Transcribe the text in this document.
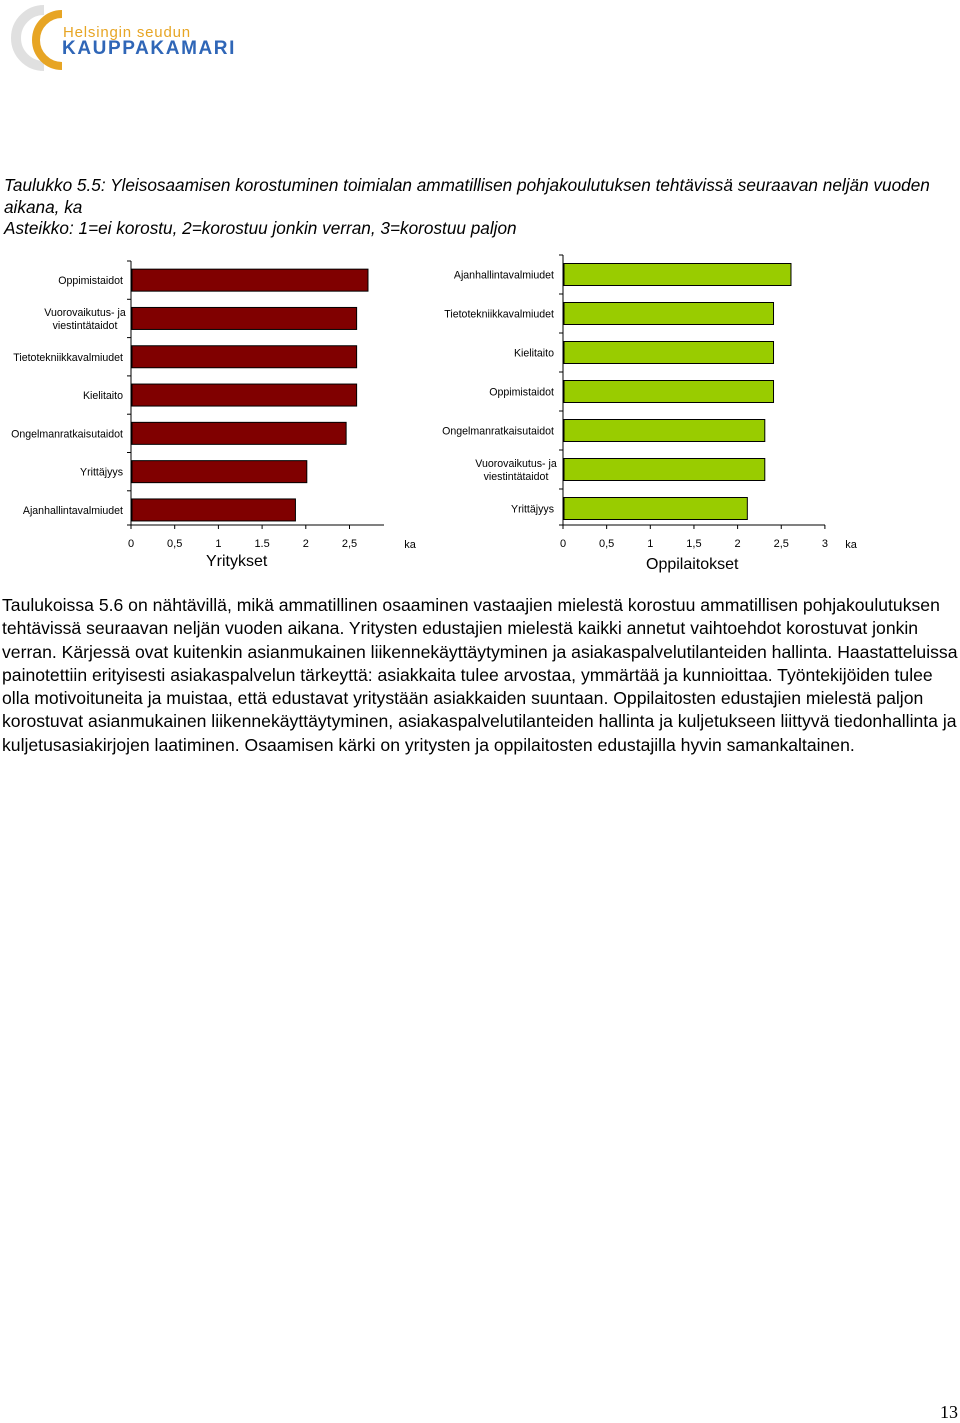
Helsingin seudun
KAUPPAKAMARI
Taulukko 5.5: Yleisosaamisen korostuminen toimialan ammatillisen pohjakoulutuksen tehtävissä seuraavan neljän vuoden aikana, ka
Asteikko: 1=ei korostu, 2=korostuu jonkin verran, 3=korostuu paljon
Oppimistaidot
Vuorovaikutus- ja
viestintätaidot
Tietotekniikkavalmiudet
Kielitaito
Ongelmanratkaisutaidot
Yrittäjyys
Ajanhallintavalmiudet
0	0,5	1	1.5	2	2,5	ka
Yritykset
Ajanhallintavalmiudet
Tietotekniikkavalmiudet
Kielitaito
Oppimistaidot
Ongelmanratkaisutaidot
Vuorovaikutus- ja
viestintätaidot
Yrittäjyys
0	0,5	1	1,5	2	2,5	3 ka
Oppilaitokset
Taulukoissa 5.6 on nähtävillä, mikä ammatillinen osaaminen vastaajien mielestä korostuu ammatillisen pohjakoulutuksen tehtävissä seuraavan neljän vuoden aikana. Yritysten edustajien mielestä kaikki annetut vaihtoehdot korostuvat jonkin verran. Kärjessä ovat kuitenkin asianmukainen liikennekäyttäytyminen ja asiakaspalvelutilanteiden hallinta. Haastatteluissa painotettiin erityisesti asiakaspalvelun tärkeyttä: asiakkaita tulee arvostaa, ymmärtää ja kunnioittaa. Työntekijöiden tulee olla motivoituneita ja muistaa, että edustavat yritystään asiakkaiden suuntaan. Oppilaitosten edustajien mielestä paljon korostuvat asianmukainen liikennekäyttäytyminen, asiakaspalvelutilanteiden hallinta ja kuljetukseen liittyvä tiedonhallinta ja kuljetusasiakirjojen laatiminen. Osaamisen kärki on yritysten ja oppilaitosten edustajilla hyvin samankaltainen.
13
